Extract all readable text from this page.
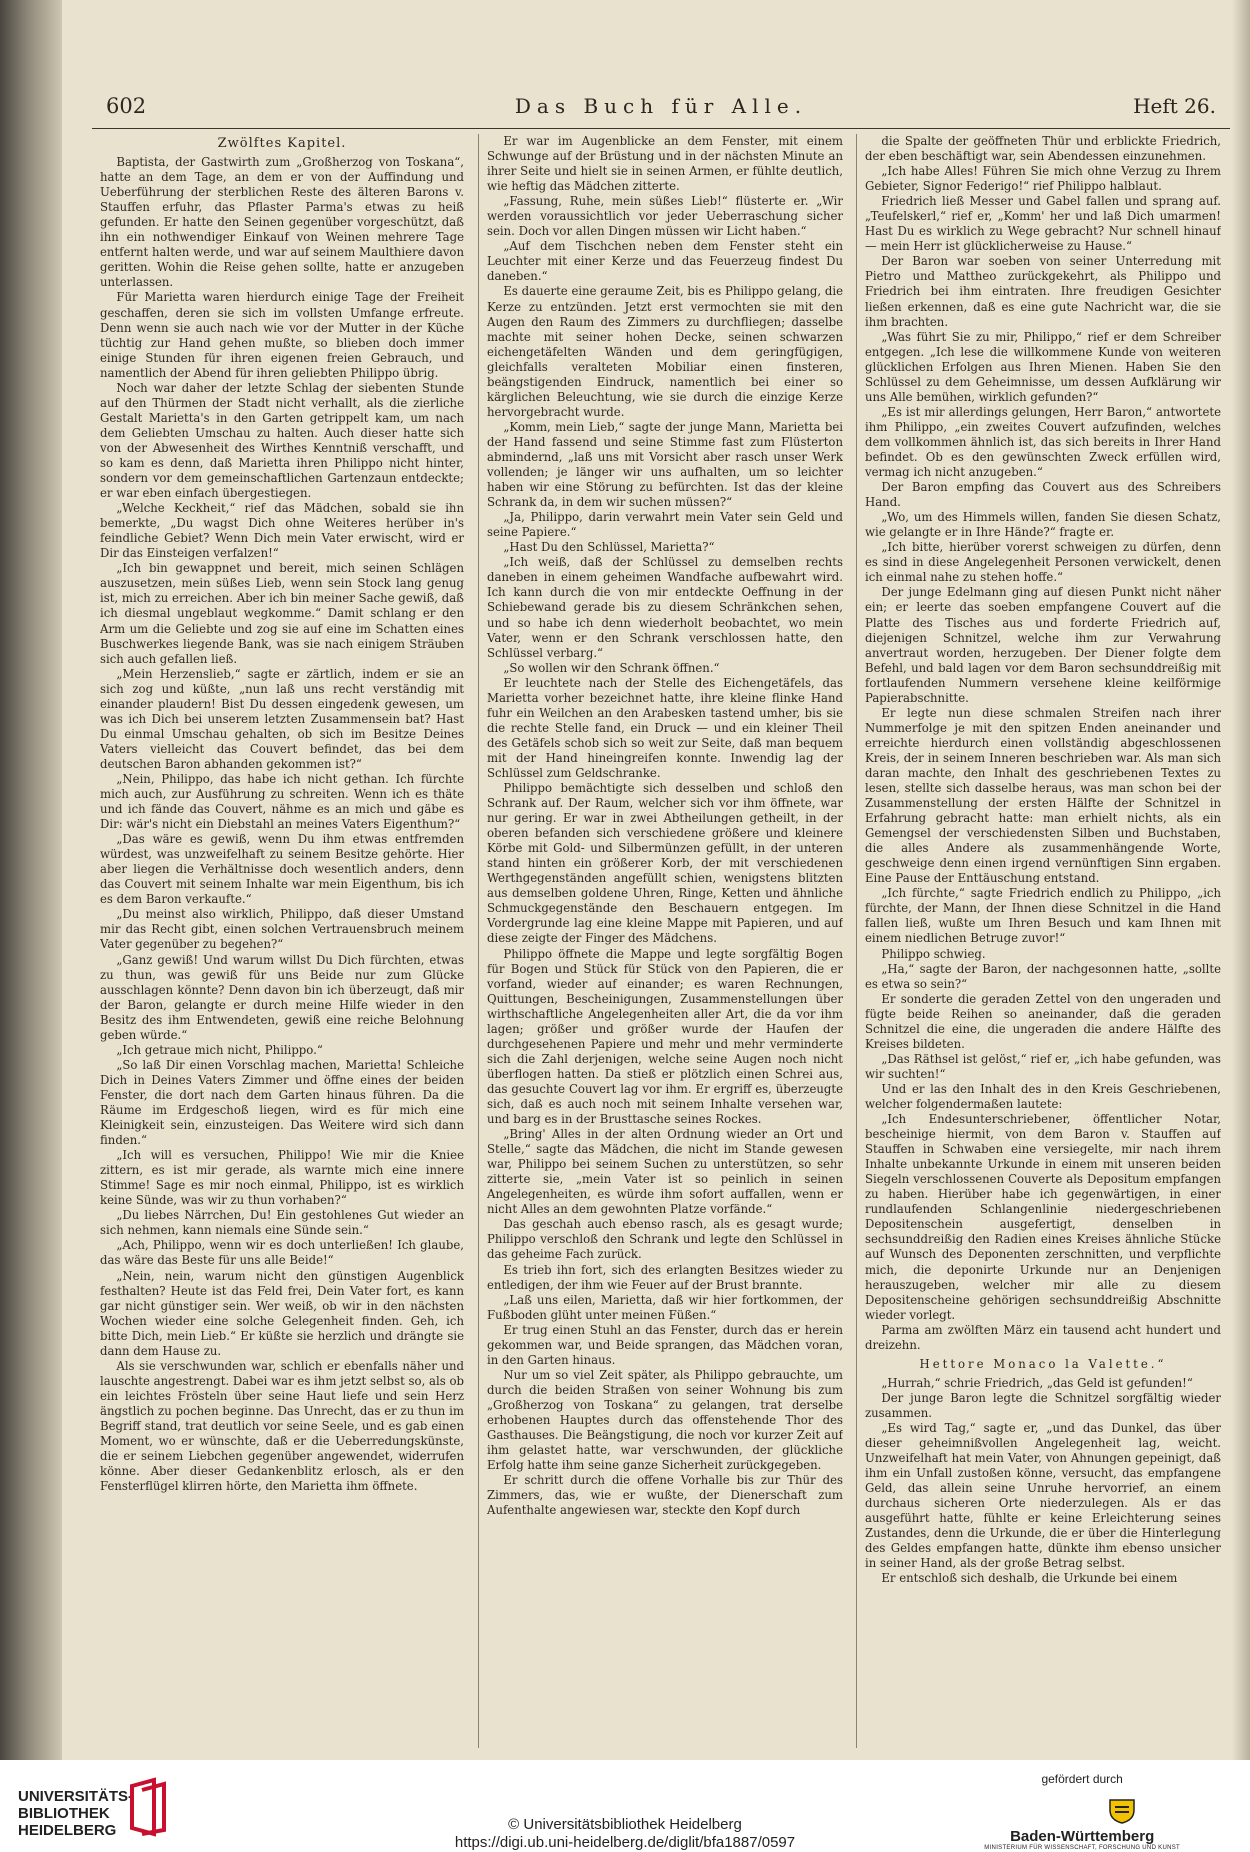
602	Das Buch für Alle.	Heft 26.
Zwölftes Kapitel.

Baptista, der Gastwirth zum „Großherzog von Toskana“, hatte an dem Tage, an dem er von der Auffindung und Ueberführung der sterblichen Reste des älteren Barons v. Stauffen erfuhr, das Pflaster Parma's etwas zu heiß gefunden. Er hatte den Seinen gegenüber vorgeschützt, daß ihn ein nothwendiger Einkauf von Weinen mehrere Tage entfernt halten werde, und war auf seinem Maulthiere davon geritten. Wohin die Reise gehen sollte, hatte er anzugeben unterlassen.

Für Marietta waren hierdurch einige Tage der Freiheit geschaffen, deren sie sich im vollsten Umfange erfreute. Denn wenn sie auch nach wie vor der Mutter in der Küche tüchtig zur Hand gehen mußte, so blieben doch immer einige Stunden für ihren eigenen freien Gebrauch, und namentlich der Abend für ihren geliebten Philippo übrig.

Noch war daher der letzte Schlag der siebenten Stunde auf den Thürmen der Stadt nicht verhallt, als die zierliche Gestalt Marietta's in den Garten getrippelt kam, um nach dem Geliebten Umschau zu halten. Auch dieser hatte sich von der Abwesenheit des Wirthes Kenntniß verschafft, und so kam es denn, daß Marietta ihren Philippo nicht hinter, sondern vor dem gemeinschaftlichen Gartenzaun entdeckte; er war eben einfach übergestiegen.

„Welche Keckheit,“ rief das Mädchen, sobald sie ihn bemerkte, „Du wagst Dich ohne Weiteres herüber in's feindliche Gebiet? Wenn Dich mein Vater erwischt, wird er Dir das Einsteigen verfalzen!“

„Ich bin gewappnet und bereit, mich seinen Schlägen auszusetzen, mein süßes Lieb, wenn sein Stock lang genug ist, mich zu erreichen. Aber ich bin meiner Sache gewiß, daß ich diesmal ungeblaut wegkomme.“ Damit schlang er den Arm um die Geliebte und zog sie auf eine im Schatten eines Buschwerkes liegende Bank, was sie nach einigem Sträuben sich auch gefallen ließ.

„Mein Herzenslieb,“ sagte er zärtlich, indem er sie an sich zog und küßte, „nun laß uns recht verständig mit einander plaudern! Bist Du dessen eingedenk gewesen, um was ich Dich bei unserem letzten Zusammensein bat? Hast Du einmal Umschau gehalten, ob sich im Besitze Deines Vaters vielleicht das Couvert befindet, das bei dem deutschen Baron abhanden gekommen ist?“

„Nein, Philippo, das habe ich nicht gethan. Ich fürchte mich auch, zur Ausführung zu schreiten. Wenn ich es thäte und ich fände das Couvert, nähme es an mich und gäbe es Dir: wär's nicht ein Diebstahl an meines Vaters Eigenthum?“

„Das wäre es gewiß, wenn Du ihm etwas entfremden würdest, was unzweifelhaft zu seinem Besitze gehörte. Hier aber liegen die Verhältnisse doch wesentlich anders, denn das Couvert mit seinem Inhalte war mein Eigenthum, bis ich es dem Baron verkaufte.“

„Du meinst also wirklich, Philippo, daß dieser Umstand mir das Recht gibt, einen solchen Vertrauensbruch meinem Vater gegenüber zu begehen?“

„Ganz gewiß! Und warum willst Du Dich fürchten, etwas zu thun, was gewiß für uns Beide nur zum Glücke ausschlagen könnte? Denn davon bin ich überzeugt, daß mir der Baron, gelangte er durch meine Hilfe wieder in den Besitz des ihm Entwendeten, gewiß eine reiche Belohnung geben würde.“

„Ich getraue mich nicht, Philippo.“

„So laß Dir einen Vorschlag machen, Marietta! Schleiche Dich in Deines Vaters Zimmer und öffne eines der beiden Fenster, die dort nach dem Garten hinaus führen. Da die Räume im Erdgeschoß liegen, wird es für mich eine Kleinigkeit sein, einzusteigen. Das Weitere wird sich dann finden.“

„Ich will es versuchen, Philippo! Wie mir die Kniee zittern, es ist mir gerade, als warnte mich eine innere Stimme! Sage es mir noch einmal, Philippo, ist es wirklich keine Sünde, was wir zu thun vorhaben?“

„Du liebes Närrchen, Du! Ein gestohlenes Gut wieder an sich nehmen, kann niemals eine Sünde sein.“

„Ach, Philippo, wenn wir es doch unterließen! Ich glaube, das wäre das Beste für uns alle Beide!“

„Nein, nein, warum nicht den günstigen Augenblick festhalten? Heute ist das Feld frei, Dein Vater fort, es kann gar nicht günstiger sein. Wer weiß, ob wir in den nächsten Wochen wieder eine solche Gelegenheit finden. Geh, ich bitte Dich, mein Lieb.“ Er küßte sie herzlich und drängte sie dann dem Hause zu.

Als sie verschwunden war, schlich er ebenfalls näher und lauschte angestrengt. Dabei war es ihm jetzt selbst so, als ob ein leichtes Frösteln über seine Haut liefe und sein Herz ängstlich zu pochen beginne. Das Unrecht, das er zu thun im Begriff stand, trat deutlich vor seine Seele, und es gab einen Moment, wo er wünschte, daß er die Ueberredungskünste, die er seinem Liebchen gegenüber angewendet, widerrufen könne. Aber dieser Gedankenblitz erlosch, als er den Fensterflügel klirren hörte, den Marietta ihm öffnete.

Er war im Augenblicke an dem Fenster, mit einem Schwunge auf der Brüstung und in der nächsten Minute an ihrer Seite und hielt sie in seinen Armen, er fühlte deutlich, wie heftig das Mädchen zitterte.

„Fassung, Ruhe, mein süßes Lieb!“ flüsterte er. „Wir werden voraussichtlich vor jeder Ueberraschung sicher sein. Doch vor allen Dingen müssen wir Licht haben.“

„Auf dem Tischchen neben dem Fenster steht ein Leuchter mit einer Kerze und das Feuerzeug findest Du daneben.“

Es dauerte eine geraume Zeit, bis es Philippo gelang, die Kerze zu entzünden. Jetzt erst vermochten sie mit den Augen den Raum des Zimmers zu durchfliegen; dasselbe machte mit seiner hohen Decke, seinen schwarzen eichengetäfelten Wänden und dem geringfügigen, gleichfalls veralteten Mobiliar einen finsteren, beängstigenden Eindruck, namentlich bei einer so kärglichen Beleuchtung, wie sie durch die einzige Kerze hervorgebracht wurde.

„Komm, mein Lieb,“ sagte der junge Mann, Marietta bei der Hand fassend und seine Stimme fast zum Flüsterton abmindernd, „laß uns mit Vorsicht aber rasch unser Werk vollenden; je länger wir uns aufhalten, um so leichter haben wir eine Störung zu befürchten. Ist das der kleine Schrank da, in dem wir suchen müssen?“

„Ja, Philippo, darin verwahrt mein Vater sein Geld und seine Papiere.“

„Hast Du den Schlüssel, Marietta?“

„Ich weiß, daß der Schlüssel zu demselben rechts daneben in einem geheimen Wandfache aufbewahrt wird. Ich kann durch die von mir entdeckte Oeffnung in der Schiebewand gerade bis zu diesem Schränkchen sehen, und so habe ich denn wiederholt beobachtet, wo mein Vater, wenn er den Schrank verschlossen hatte, den Schlüssel verbarg.“

„So wollen wir den Schrank öffnen.“

Er leuchtete nach der Stelle des Eichengetäfels, das Marietta vorher bezeichnet hatte, ihre kleine flinke Hand fuhr ein Weilchen an den Arabesken tastend umher, bis sie die rechte Stelle fand, ein Druck — und ein kleiner Theil des Getäfels schob sich so weit zur Seite, daß man bequem mit der Hand hineingreifen konnte. Inwendig lag der Schlüssel zum Geldschranke.

Philippo bemächtigte sich desselben und schloß den Schrank auf. Der Raum, welcher sich vor ihm öffnete, war nur gering. Er war in zwei Abtheilungen getheilt, in der oberen befanden sich verschiedene größere und kleinere Körbe mit Gold- und Silbermünzen gefüllt, in der unteren stand hinten ein größerer Korb, der mit verschiedenen Werthgegenständen angefüllt schien, wenigstens blitzten aus demselben goldene Uhren, Ringe, Ketten und ähnliche Schmuckgegenstände den Beschauern entgegen. Im Vordergrunde lag eine kleine Mappe mit Papieren, und auf diese zeigte der Finger des Mädchens.

Philippo öffnete die Mappe und legte sorgfältig Bogen für Bogen und Stück für Stück von den Papieren, die er vorfand, wieder auf einander; es waren Rechnungen, Quittungen, Bescheinigungen, Zusammenstellungen über wirthschaftliche Angelegenheiten aller Art, die da vor ihm lagen; größer und größer wurde der Haufen der durchgesehenen Papiere und mehr und mehr verminderte sich die Zahl derjenigen, welche seine Augen noch nicht überflogen hatten. Da stieß er plötzlich einen Schrei aus, das gesuchte Couvert lag vor ihm. Er ergriff es, überzeugte sich, daß es auch noch mit seinem Inhalte versehen war, und barg es in der Brusttasche seines Rockes.

„Bring' Alles in der alten Ordnung wieder an Ort und Stelle,“ sagte das Mädchen, die nicht im Stande gewesen war, Philippo bei seinem Suchen zu unterstützen, so sehr zitterte sie, „mein Vater ist so peinlich in seinen Angelegenheiten, es würde ihm sofort auffallen, wenn er nicht Alles an dem gewohnten Platze vorfände.“

Das geschah auch ebenso rasch, als es gesagt wurde; Philippo verschloß den Schrank und legte den Schlüssel in das geheime Fach zurück.

Es trieb ihn fort, sich des erlangten Besitzes wieder zu entledigen, der ihm wie Feuer auf der Brust brannte.

„Laß uns eilen, Marietta, daß wir hier fortkommen, der Fußboden glüht unter meinen Füßen.“

Er trug einen Stuhl an das Fenster, durch das er herein gekommen war, und Beide sprangen, das Mädchen voran, in den Garten hinaus.

Nur um so viel Zeit später, als Philippo gebrauchte, um durch die beiden Straßen von seiner Wohnung bis zum „Großherzog von Toskana“ zu gelangen, trat derselbe erhobenen Hauptes durch das offenstehende Thor des Gasthauses. Die Beängstigung, die noch vor kurzer Zeit auf ihm gelastet hatte, war verschwunden, der glückliche Erfolg hatte ihm seine ganze Sicherheit zurückgegeben.

Er schritt durch die offene Vorhalle bis zur Thür des Zimmers, das, wie er wußte, der Dienerschaft zum Aufenthalte angewiesen war, steckte den Kopf durch

die Spalte der geöffneten Thür und erblickte Friedrich, der eben beschäftigt war, sein Abendessen einzunehmen.

„Ich habe Alles! Führen Sie mich ohne Verzug zu Ihrem Gebieter, Signor Federigo!“ rief Philippo halblaut.

Friedrich ließ Messer und Gabel fallen und sprang auf. „Teufelskerl,“ rief er, „Komm' her und laß Dich umarmen! Hast Du es wirklich zu Wege gebracht? Nur schnell hinauf — mein Herr ist glücklicherweise zu Hause.“

Der Baron war soeben von seiner Unterredung mit Pietro und Mattheo zurückgekehrt, als Philippo und Friedrich bei ihm eintraten. Ihre freudigen Gesichter ließen erkennen, daß es eine gute Nachricht war, die sie ihm brachten.

„Was führt Sie zu mir, Philippo,“ rief er dem Schreiber entgegen. „Ich lese die willkommene Kunde von weiteren glücklichen Erfolgen aus Ihren Mienen. Haben Sie den Schlüssel zu dem Geheimnisse, um dessen Aufklärung wir uns Alle bemühen, wirklich gefunden?“

„Es ist mir allerdings gelungen, Herr Baron,“ antwortete ihm Philippo, „ein zweites Couvert aufzufinden, welches dem vollkommen ähnlich ist, das sich bereits in Ihrer Hand befindet. Ob es den gewünschten Zweck erfüllen wird, vermag ich nicht anzugeben.“

Der Baron empfing das Couvert aus des Schreibers Hand.

„Wo, um des Himmels willen, fanden Sie diesen Schatz, wie gelangte er in Ihre Hände?“ fragte er.

„Ich bitte, hierüber vorerst schweigen zu dürfen, denn es sind in diese Angelegenheit Personen verwickelt, denen ich einmal nahe zu stehen hoffe.“

Der junge Edelmann ging auf diesen Punkt nicht näher ein; er leerte das soeben empfangene Couvert auf die Platte des Tisches aus und forderte Friedrich auf, diejenigen Schnitzel, welche ihm zur Verwahrung anvertraut worden, herzugeben. Der Diener folgte dem Befehl, und bald lagen vor dem Baron sechsunddreißig mit fortlaufenden Nummern versehene kleine keilförmige Papierabschnitte.

Er legte nun diese schmalen Streifen nach ihrer Nummerfolge je mit den spitzen Enden aneinander und erreichte hierdurch einen vollständig abgeschlossenen Kreis, der in seinem Inneren beschrieben war. Als man sich daran machte, den Inhalt des geschriebenen Textes zu lesen, stellte sich dasselbe heraus, was man schon bei der Zusammenstellung der ersten Hälfte der Schnitzel in Erfahrung gebracht hatte: man erhielt nichts, als ein Gemengsel der verschiedensten Silben und Buchstaben, die alles Andere als zusammenhängende Worte, geschweige denn einen irgend vernünftigen Sinn ergaben. Eine Pause der Enttäuschung entstand.

„Ich fürchte,“ sagte Friedrich endlich zu Philippo, „ich fürchte, der Mann, der Ihnen diese Schnitzel in die Hand fallen ließ, wußte um Ihren Besuch und kam Ihnen mit einem niedlichen Betruge zuvor!“

Philippo schwieg.

„Ha,“ sagte der Baron, der nachgesonnen hatte, „sollte es etwa so sein?“

Er sonderte die geraden Zettel von den ungeraden und fügte beide Reihen so aneinander, daß die geraden Schnitzel die eine, die ungeraden die andere Hälfte des Kreises bildeten.

„Das Räthsel ist gelöst,“ rief er, „ich habe gefunden, was wir suchten!“

Und er las den Inhalt des in den Kreis Geschriebenen, welcher folgendermaßen lautete:

„Ich Endesunterschriebener, öffentlicher Notar, bescheinige hiermit, von dem Baron v. Stauffen auf Stauffen in Schwaben eine versiegelte, mir nach ihrem Inhalte unbekannte Urkunde in einem mit unseren beiden Siegeln verschlossenen Couverte als Depositum empfangen zu haben. Hierüber habe ich gegenwärtigen, in einer rundlaufenden Schlangenlinie niedergeschriebenen Depositenschein ausgefertigt, denselben in sechsunddreißig den Radien eines Kreises ähnliche Stücke auf Wunsch des Deponenten zerschnitten, und verpflichte mich, die deponirte Urkunde nur an Denjenigen herauszugeben, welcher mir alle zu diesem Depositenscheine gehörigen sechsunddreißig Abschnitte wieder vorlegt.

Parma am zwölften März ein tausend acht hundert und dreizehn.

Hettore Monaco la Valette.“

„Hurrah,“ schrie Friedrich, „das Geld ist gefunden!“

Der junge Baron legte die Schnitzel sorgfältig wieder zusammen.

„Es wird Tag,“ sagte er, „und das Dunkel, das über dieser geheimnißvollen Angelegenheit lag, weicht. Unzweifelhaft hat mein Vater, von Ahnungen gepeinigt, daß ihm ein Unfall zustoßen könne, versucht, das empfangene Geld, das allein seine Unruhe hervorrief, an einem durchaus sicheren Orte niederzulegen. Als er das ausgeführt hatte, fühlte er keine Erleichterung seines Zustandes, denn die Urkunde, die er über die Hinterlegung des Geldes empfangen hatte, dünkte ihm ebenso unsicher in seiner Hand, als der große Betrag selbst.

Er entschloß sich deshalb, die Urkunde bei einem

UNIVERSITÄTS-
BIBLIOTHEK
HEIDELBERG	© Universitätsbibliothek Heidelberg
https://digi.ub.uni-heidelberg.de/diglit/bfa1887/0597
gefördert durch
Baden-Württemberg
MINISTERIUM FÜR WISSENSCHAFT, FORSCHUNG UND KUNST
